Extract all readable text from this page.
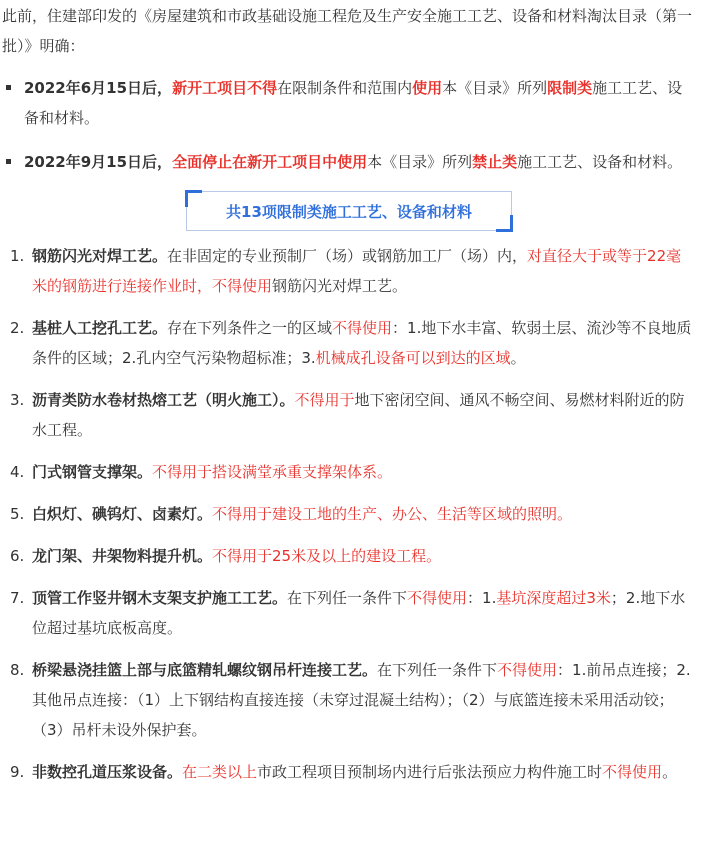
此前，住建部印发的《房屋建筑和市政基础设施工程危及生产安全施工工艺、设备和材料淘汰目录（第一批）》明确：

2022年6月15日后，新开工项目不得在限制条件和范围内使用本《目录》所列限制类施工工艺、设备和材料。
2022年9月15日后，全面停止在新开工项目中使用本《目录》所列禁止类施工工艺、设备和材料。
共13项限制类施工工艺、设备和材料
1. 钢筋闪光对焊工艺。在非固定的专业预制厂（场）或钢筋加工厂（场）内，对直径大于或等于22毫米的钢筋进行连接作业时，不得使用钢筋闪光对焊工艺。
2. 基桩人工挖孔工艺。存在下列条件之一的区域不得使用：1.地下水丰富、软弱土层、流沙等不良地质条件的区域；2.孔内空气污染物超标准；3.机械成孔设备可以到达的区域。
3. 沥青类防水卷材热熔工艺（明火施工）。不得用于地下密闭空间、通风不畅空间、易燃材料附近的防水工程。
4. 门式钢管支撑架。不得用于搭设满堂承重支撑架体系。
5. 白炽灯、碘钨灯、卤素灯。不得用于建设工地的生产、办公、生活等区域的照明。
6. 龙门架、井架物料提升机。不得用于25米及以上的建设工程。
7. 顶管工作竖井钢木支架支护施工工艺。在下列任一条件下不得使用：1.基坑深度超过3米；2.地下水位超过基坑底板高度。
8. 桥梁悬浇挂篮上部与底篮精轧螺纹钢吊杆连接工艺。在下列任一条件下不得使用：1.前吊点连接；2.其他吊点连接：（1）上下钢结构直接连接（未穿过混凝土结构）；（2）与底篮连接未采用活动铰；（3）吊杆未设外保护套。
9. 非数控孔道压浆设备。在二类以上市政工程项目预制场内进行后张法预应力构件施工时不得使用。
